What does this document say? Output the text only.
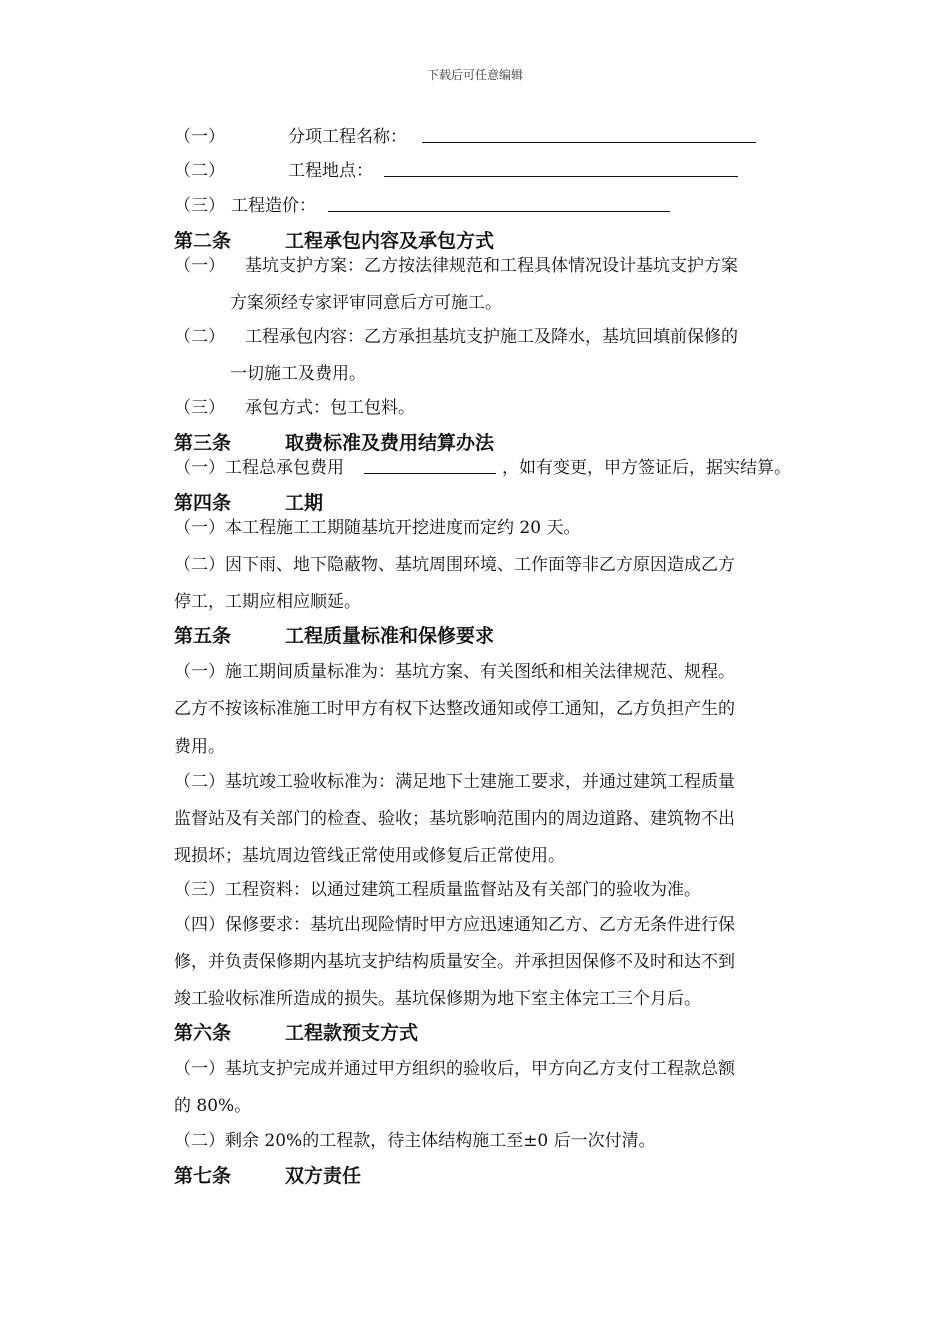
下载后可任意编辑
（一）	分项工程名称：
（二）	工程地点：
（三） 工程造价：
第二条	工程承包内容及承包方式
（一） 基坑支护方案：乙方按法律规范和工程具体情况设计基坑支护方案
方案须经专家评审同意后方可施工。
（二） 工程承包内容：乙方承担基坑支护施工及降水，基坑回填前保修的
一切施工及费用。
（三） 承包方式：包工包料。
第三条	取费标准及费用结算办法
（一）工程总承包费用	，如有变更，甲方签证后，据实结算。
第四条	工期
（一）本工程施工工期随基坑开挖进度而定约 20 天。
（二）因下雨、地下隐蔽物、基坑周围环境、工作面等非乙方原因造成乙方
停工，工期应相应顺延。
第五条	工程质量标准和保修要求
（一）施工期间质量标准为：基坑方案、有关图纸和相关法律规范、规程。
乙方不按该标准施工时甲方有权下达整改通知或停工通知，乙方负担产生的
费用。
（二）基坑竣工验收标准为：满足地下土建施工要求，并通过建筑工程质量
监督站及有关部门的检查、验收；基坑影响范围内的周边道路、建筑物不出
现损坏；基坑周边管线正常使用或修复后正常使用。
（三）工程资料：以通过建筑工程质量监督站及有关部门的验收为准。
（四）保修要求：基坑出现险情时甲方应迅速通知乙方、乙方无条件进行保
修，并负责保修期内基坑支护结构质量安全。并承担因保修不及时和达不到
竣工验收标准所造成的损失。基坑保修期为地下室主体完工三个月后。
第六条	工程款预支方式
（一）基坑支护完成并通过甲方组织的验收后，甲方向乙方支付工程款总额
的 80%。
（二）剩余 20%的工程款，待主体结构施工至±0 后一次付清。
第七条	双方责任
